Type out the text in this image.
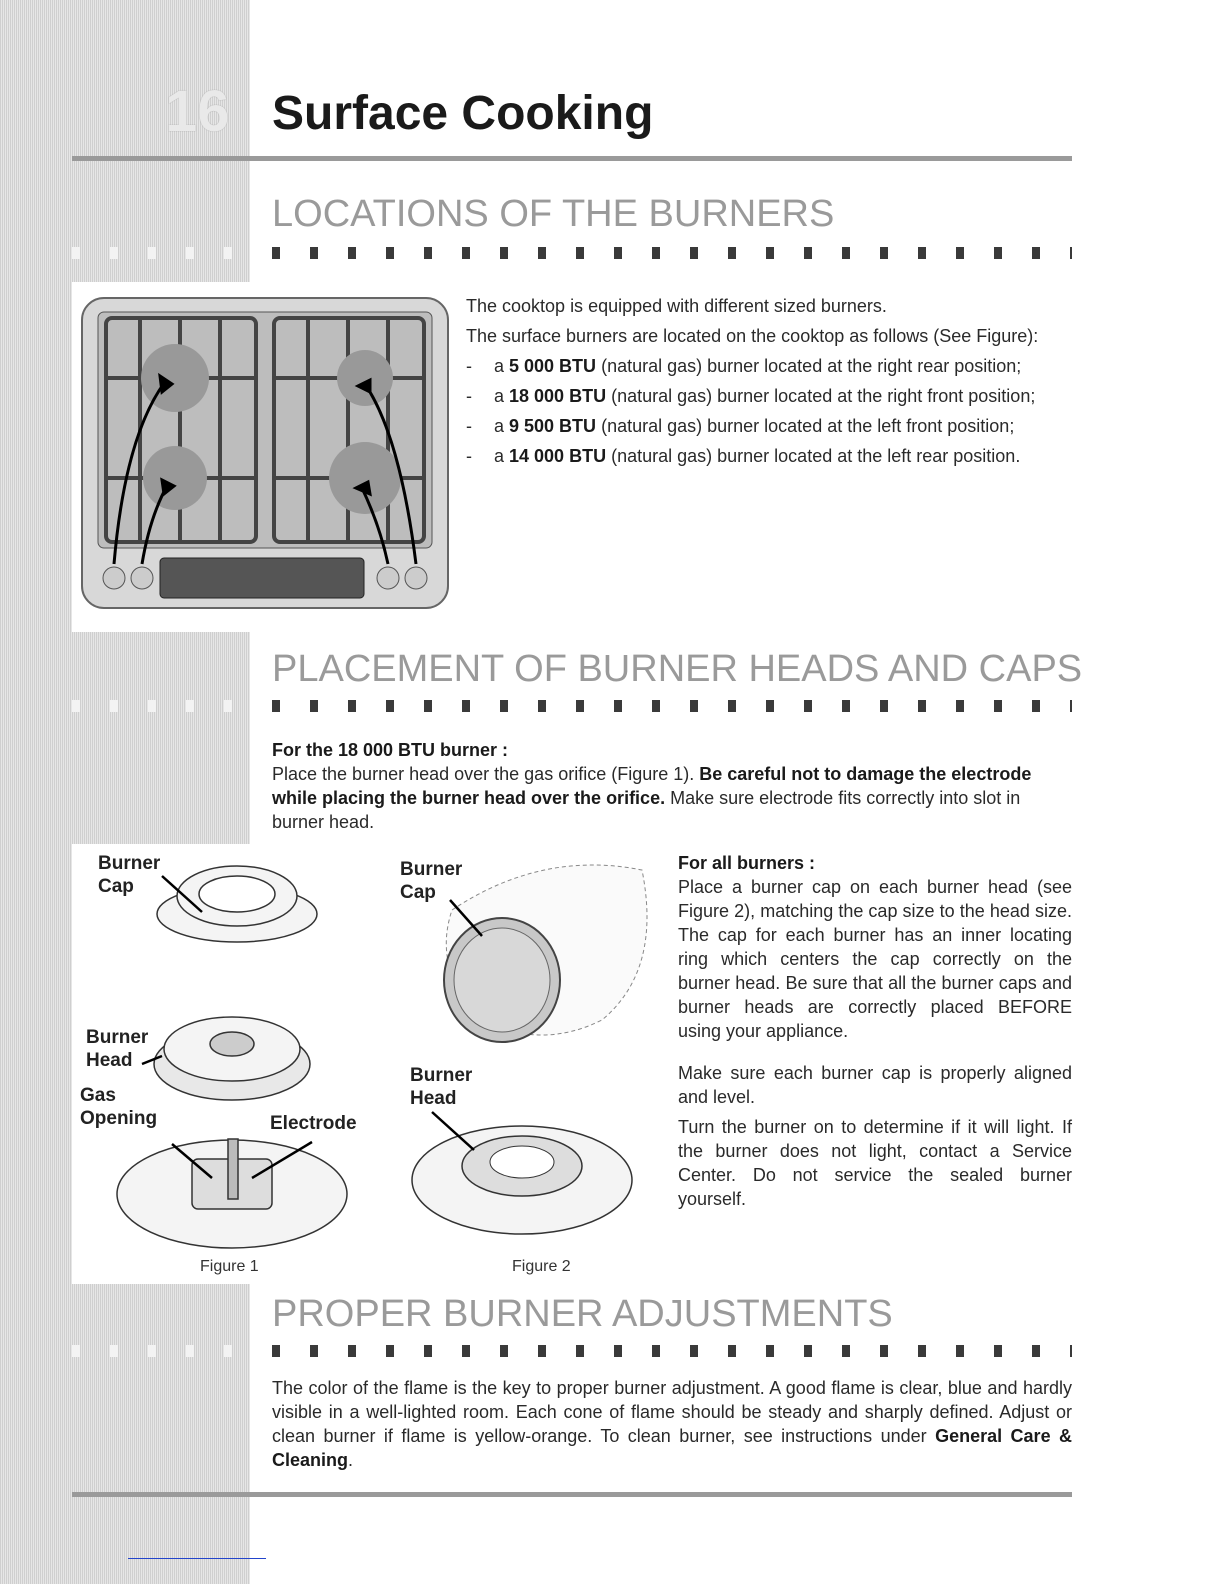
16 Surface Cooking
LOCATIONS OF THE BURNERS

The cooktop is equipped with different sized burners.

The surface burners are located on the cooktop as follows (See Figure):

- a 5 000 BTU (natural gas) burner located at the right rear position;
- a 18 000 BTU (natural gas) burner located at the right front position;
- a 9 500 BTU (natural gas) burner located at the left front position;
- a 14 000 BTU (natural gas) burner located at the left rear position.
PLACEMENT OF BURNER HEADS AND CAPS
For the 18 000 BTU burner :
Place the burner head over the gas orifice (Figure 1). Be careful not to damage the electrode while placing the burner head over the orifice. Make sure electrode fits correctly into slot in burner head.
Burner
Cap
Burner
Head
Gas
Opening	Electrode
Figure 1
Burner
Cap
Burner
Head
Figure 2
For all burners :

Place a burner cap on each burner head (see Figure 2), matching the cap size to the head size. The cap for each burner has an inner locating ring which centers the cap correctly on the burner head. Be sure that all the burner caps and burner heads are correctly placed BEFORE using your appliance.

Make sure each burner cap is properly aligned and level.

Turn the burner on to determine if it will light. If the burner does not light, contact a Service Center. Do not service the sealed burner yourself.

PROPER BURNER ADJUSTMENTS
The color of the flame is the key to proper burner adjustment. A good flame is clear, blue and hardly visible in a well-lighted room. Each cone of flame should be steady and sharply defined. Adjust or clean burner if flame is yellow-orange. To clean burner, see instructions under General Care & Cleaning.
